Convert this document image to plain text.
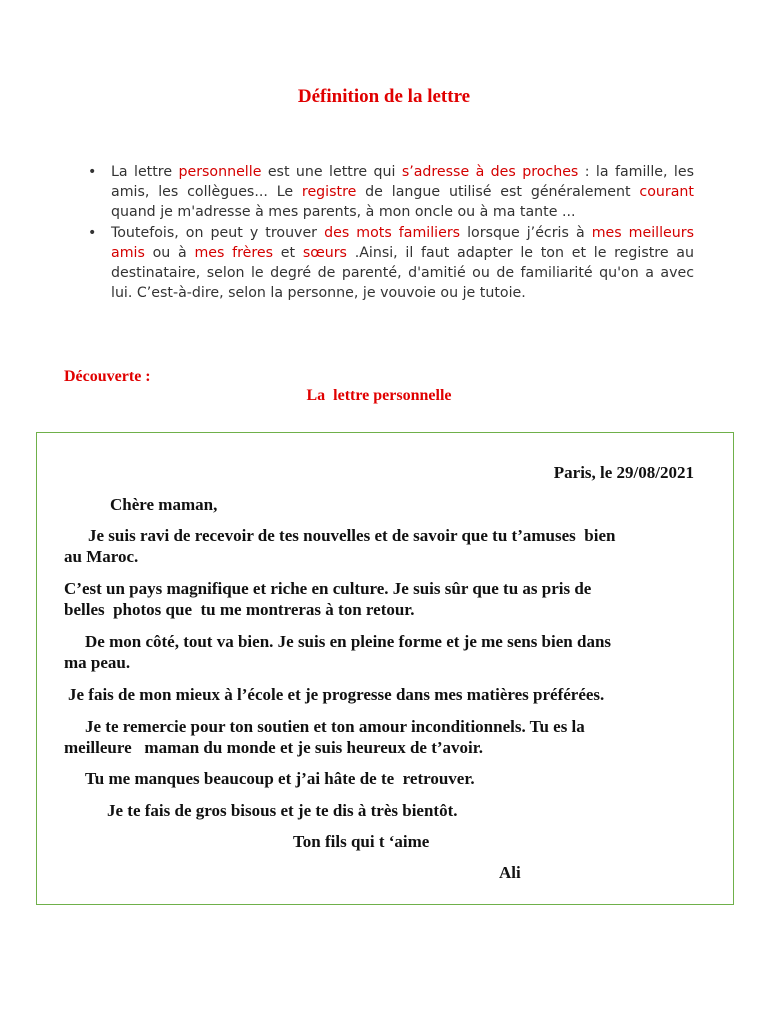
Définition de la lettre
• La lettre personnelle est une lettre qui s’adresse à des proches : la famille, les amis, les collègues... Le registre de langue utilisé est généralement courant quand je m'adresse à mes parents, à mon oncle ou à ma tante ...
• Toutefois, on peut y trouver des mots familiers lorsque j’écris à mes meilleurs amis ou à mes frères et sœurs .Ainsi, il faut adapter le ton et le registre au destinataire, selon le degré de parenté, d'amitié ou de familiarité qu'on a avec lui. C’est-à-dire, selon la personne, je vouvoie ou je tutoie.

Découverte :

La  lettre personnelle

Paris, le 29/08/2021

Chère maman,

Je suis ravi de recevoir de tes nouvelles et de savoir que tu t’amuses  bien

au Maroc.

C’est un pays magnifique et riche en culture. Je suis sûr que tu as pris de

belles  photos que  tu me montreras à ton retour.

De mon côté, tout va bien. Je suis en pleine forme et je me sens bien dans

ma peau.

Je fais de mon mieux à l’école et je progresse dans mes matières préférées.

Je te remercie pour ton soutien et ton amour inconditionnels. Tu es la

meilleure   maman du monde et je suis heureux de t’avoir.

Tu me manques beaucoup et j’ai hâte de te  retrouver.

Je te fais de gros bisous et je te dis à très bientôt.

Ton fils qui t ‘aime

Ali
